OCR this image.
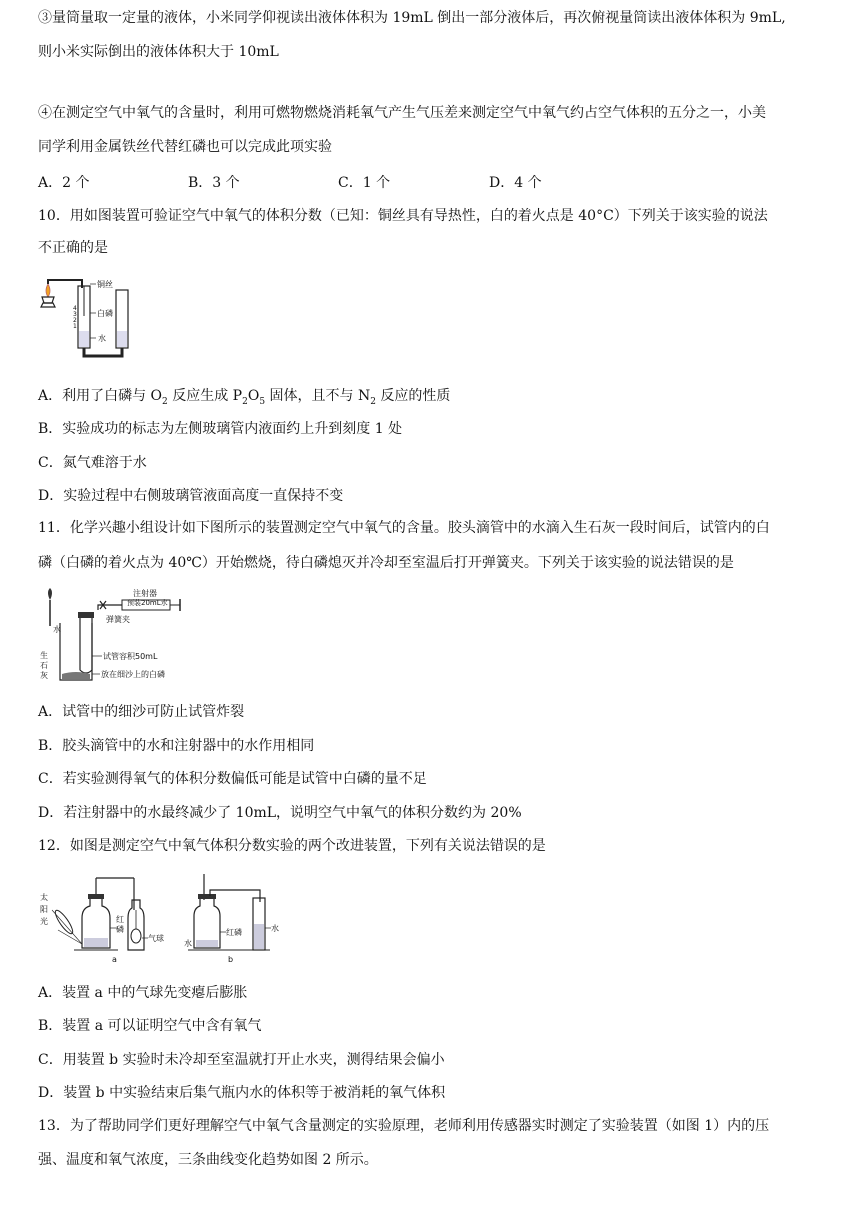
③量筒量取一定量的液体，小米同学仰视读出液体体积为 19mL 倒出一部分液体后，再次俯视量筒读出液体体积为 9mL,
则小米实际倒出的液体体积大于 10mL
④在测定空气中氧气的含量时，利用可燃物燃烧消耗氧气产生气压差来测定空气中氧气约占空气体积的五分之一，小美
同学利用金属铁丝代替红磷也可以完成此项实验
A．2 个	B．3 个	C．1 个	D．4 个
10．用如图装置可验证空气中氧气的体积分数（已知：铜丝具有导热性，白的着火点是 40°C）下列关于该实验的说法
不正确的是
4
3
2
1
铜丝
白磷
水
A．利用了白磷与 $O_2$ 反应生成 $P_2O_5$ 固体，且不与 $N_2$ 反应的性质
B．实验成功的标志为左侧玻璃管内液面约上升到刻度 1 处
C．氮气难溶于水
D．实验过程中右侧玻璃管液面高度一直保持不变
11．化学兴趣小组设计如下图所示的装置测定空气中氧气的含量。胶头滴管中的水滴入生石灰一段时间后，试管内的白
磷（白磷的着火点为 40℃）开始燃烧，待白磷熄灭并冷却至室温后打开弹簧夹。下列关于该实验的说法错误的是
注射器
预装20mL水
弹簧夹
水
试管容积50mL
放在细沙上的白磷
生
石
灰
A．试管中的细沙可防止试管炸裂
B．胶头滴管中的水和注射器中的水作用相同
C．若实验测得氧气的体积分数偏低可能是试管中白磷的量不足
D．若注射器中的水最终减少了 10mL，说明空气中氧气的体积分数约为 20%
12．如图是测定空气中氧气体积分数实验的两个改进装置，下列有关说法错误的是
太
阳
光	红
磷
气球
a
红磷
水
水
b
A．装置 a 中的气球先变瘪后膨胀
B．装置 a 可以证明空气中含有氧气
C．用装置 b 实验时未冷却至室温就打开止水夹，测得结果会偏小
D．装置 b 中实验结束后集气瓶内水的体积等于被消耗的氧气体积
13．为了帮助同学们更好理解空气中氧气含量测定的实验原理，老师利用传感器实时测定了实验装置（如图 1）内的压
强、温度和氧气浓度，三条曲线变化趋势如图 2 所示。
